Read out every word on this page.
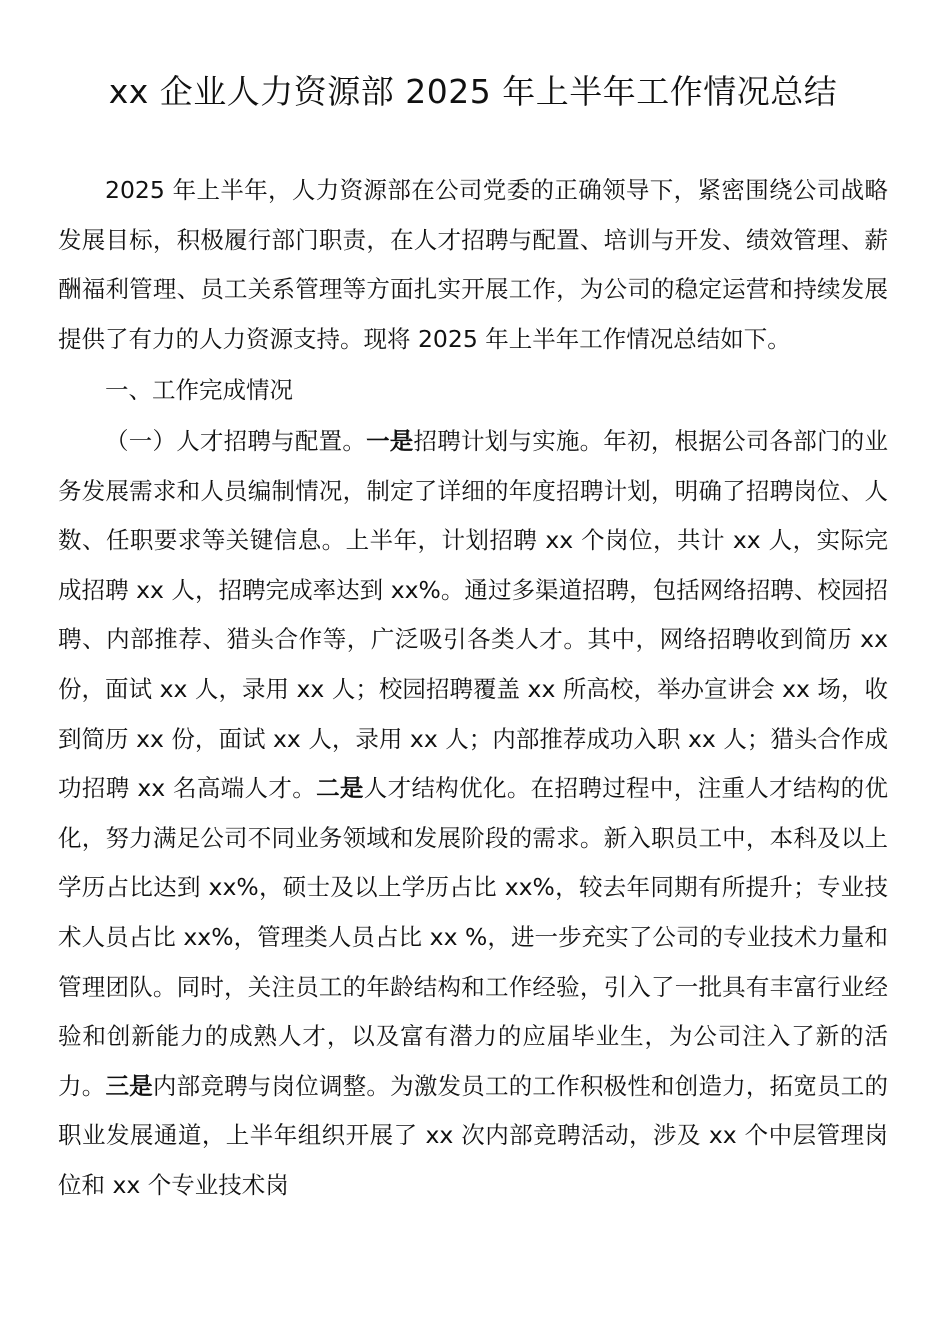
xx 企业人力资源部 2025 年上半年工作情况总结

2025 年上半年，人力资源部在公司党委的正确领导下，紧密围绕公司战略发展目标，积极履行部门职责，在人才招聘与配置、培训与开发、绩效管理、薪酬福利管理、员工关系管理等方面扎实开展工作，为公司的稳定运营和持续发展提供了有力的人力资源支持。现将 2025 年上半年工作情况总结如下。

一、工作完成情况

（一）人才招聘与配置。一是招聘计划与实施。年初，根据公司各部门的业务发展需求和人员编制情况，制定了详细的年度招聘计划，明确了招聘岗位、人数、任职要求等关键信息。上半年，计划招聘 xx 个岗位，共计 xx 人，实际完成招聘 xx 人，招聘完成率达到 xx%。通过多渠道招聘，包括网络招聘、校园招聘、内部推荐、猎头合作等，广泛吸引各类人才。其中，网络招聘收到简历 xx 份，面试 xx 人，录用 xx 人；校园招聘覆盖 xx 所高校，举办宣讲会 xx 场，收到简历 xx 份，面试 xx 人，录用 xx 人；内部推荐成功入职 xx 人；猎头合作成功招聘 xx 名高端人才。二是人才结构优化。在招聘过程中，注重人才结构的优化，努力满足公司不同业务领域和发展阶段的需求。新入职员工中，本科及以上学历占比达到 xx%，硕士及以上学历占比 xx%，较去年同期有所提升；专业技术人员占比 xx%，管理类人员占比 xx %，进一步充实了公司的专业技术力量和管理团队。同时，关注员工的年龄结构和工作经验，引入了一批具有丰富行业经验和创新能力的成熟人才，以及富有潜力的应届毕业生，为公司注入了新的活力。三是内部竞聘与岗位调整。为激发员工的工作积极性和创造力，拓宽员工的职业发展通道，上半年组织开展了 xx 次内部竞聘活动，涉及 xx 个中层管理岗位和 xx 个专业技术岗
